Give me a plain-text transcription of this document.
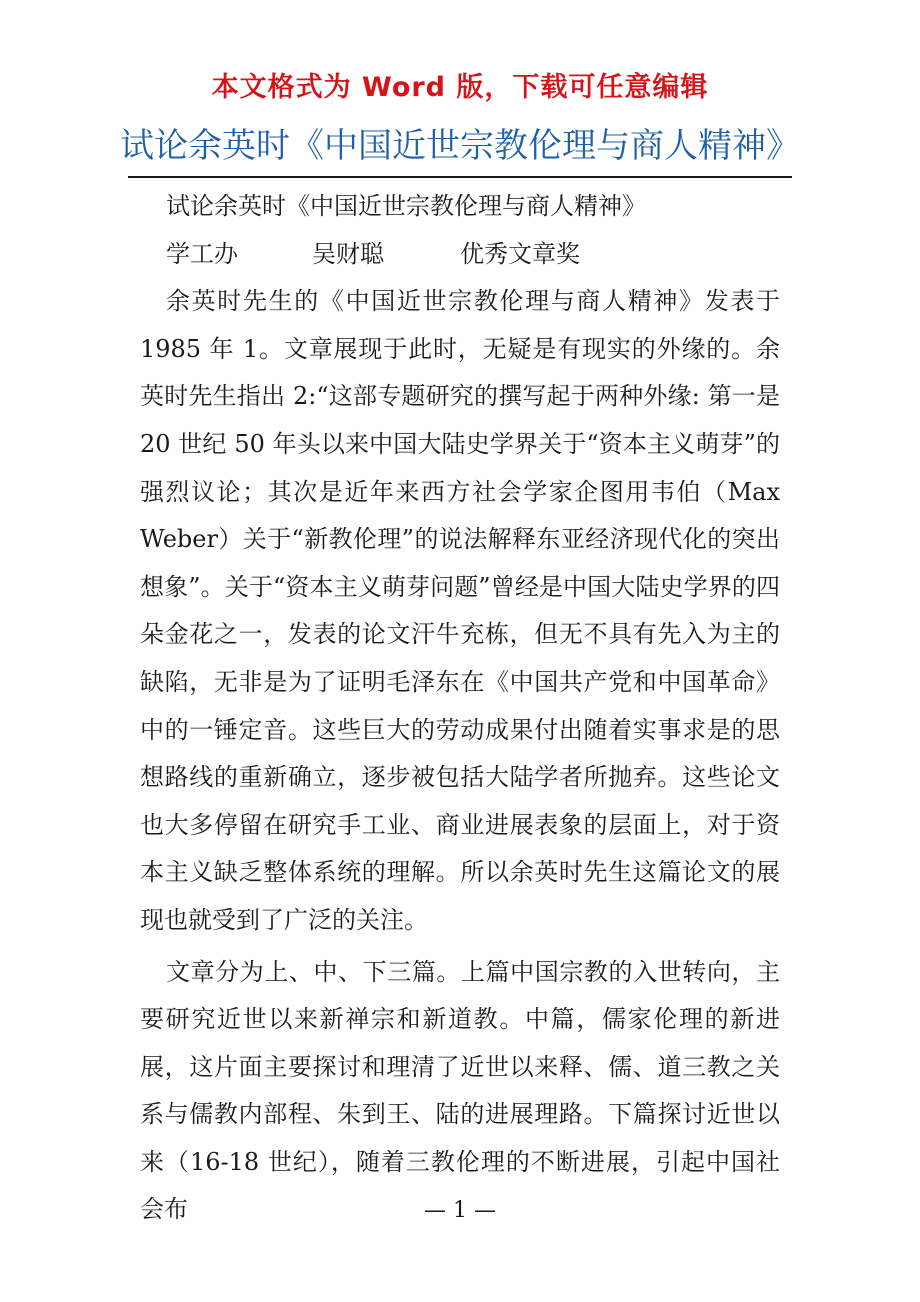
本文格式为 Word 版，下载可任意编辑

试论余英时《中国近世宗教伦理与商人精神》

试论余英时《中国近世宗教伦理与商人精神》

学工办	吴财聪	优秀文章奖

余英时先生的《中国近世宗教伦理与商人精神》发表于 1985 年 1。文章展现于此时，无疑是有现实的外缘的。余英时先生指出 2:“这部专题研究的撰写起于两种外缘: 第一是 20 世纪 50 年头以来中国大陆史学界关于“资本主义萌芽”的强烈议论；其次是近年来西方社会学家企图用韦伯（Max Weber）关于“新教伦理”的说法解释东亚经济现代化的突出想象”。关于“资本主义萌芽问题”曾经是中国大陆史学界的四朵金花之一，发表的论文汗牛充栋，但无不具有先入为主的缺陷，无非是为了证明毛泽东在《中国共产党和中国革命》中的一锤定音。这些巨大的劳动成果付出随着实事求是的思想路线的重新确立，逐步被包括大陆学者所抛弃。这些论文也大多停留在研究手工业、商业进展表象的层面上，对于资本主义缺乏整体系统的理解。所以余英时先生这篇论文的展现也就受到了广泛的关注。

文章分为上、中、下三篇。上篇中国宗教的入世转向，主要研究近世以来新禅宗和新道教。中篇，儒家伦理的新进展，这片面主要探讨和理清了近世以来释、儒、道三教之关系与儒教内部程、朱到王、陆的进展理路。下篇探讨近世以来（16-18 世纪），随着三教伦理的不断进展，引起中国社会布	— 1 —
